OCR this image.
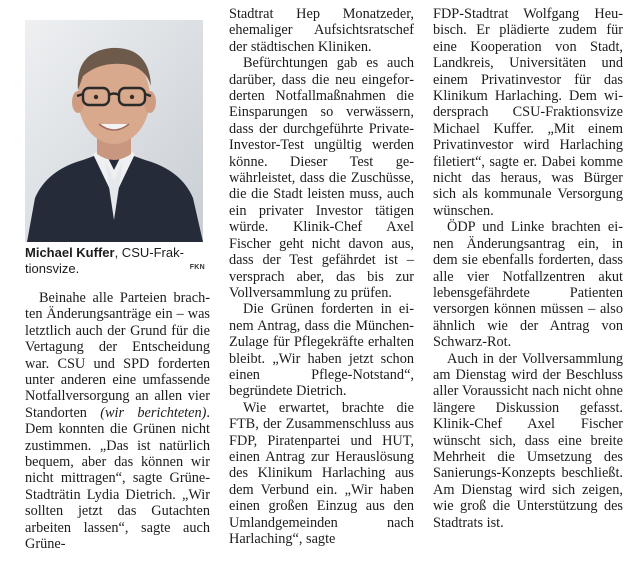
Michael Kuffer, CSU-Fraktionsvize.	FKN

Beinahe alle Parteien brachten Änderungsanträge ein – was letztlich auch der Grund für die Vertagung der Entscheidung war. CSU und SPD forderten unter anderen eine umfassende Notfallversorgung an allen vier Standorten (wir berichteten). Dem konnten die Grünen nicht zustimmen. „Das ist natürlich bequem, aber das können wir nicht mittragen“, sagte Grüne-Stadträtin Lydia Dietrich. „Wir sollten jetzt das Gutachten arbeiten lassen“, sagte auch Grüne-

Stadtrat Hep Monatzeder, ehemaliger Aufsichtsratschef der städtischen Kliniken.

Befürchtungen gab es auch darüber, dass die neu eingeforderten Notfallmaßnahmen die Einsparungen so verwässern, dass der durchgeführte Private-Investor-Test ungültig werden könne. Dieser Test gewährleistet, dass die Zuschüsse, die die Stadt leisten muss, auch ein privater Investor tätigen würde. Klinik-Chef Axel Fischer geht nicht davon aus, dass der Test gefährdet ist – versprach aber, das bis zur Vollversammlung zu prüfen.

Die Grünen forderten in einem Antrag, dass die München-Zulage für Pflegekräfte erhalten bleibt. „Wir haben jetzt schon einen Pflege-Notstand“, begründete Dietrich.

Wie erwartet, brachte die FTB, der Zusammenschluss aus FDP, Piratenpartei und HUT, einen Antrag zur Herauslösung des Klinikum Harlaching aus dem Verbund ein. „Wir haben einen großen Einzug aus den Umlandgemeinden nach Harlaching“, sagte

FDP-Stadtrat Wolfgang Heubisch. Er plädierte zudem für eine Kooperation von Stadt, Landkreis, Universitäten und einem Privatinvestor für das Klinikum Harlaching. Dem widersprach CSU-Fraktionsvize Michael Kuffer. „Mit einem Privatinvestor wird Harlaching filetiert“, sagte er. Dabei komme nicht das heraus, was Bürger sich als kommunale Versorgung wünschen.

ÖDP und Linke brachten einen Änderungsantrag ein, in dem sie ebenfalls forderten, dass alle vier Notfallzentren akut lebensgefährdete Patienten versorgen können müssen – also ähnlich wie der Antrag von Schwarz-Rot.

Auch in der Vollversammlung am Dienstag wird der Beschluss aller Voraussicht nach nicht ohne längere Diskussion gefasst. Klinik-Chef Axel Fischer wünscht sich, dass eine breite Mehrheit die Umsetzung des Sanierungs-Konzepts beschließt. Am Dienstag wird sich zeigen, wie groß die Unterstützung des Stadtrats ist.
